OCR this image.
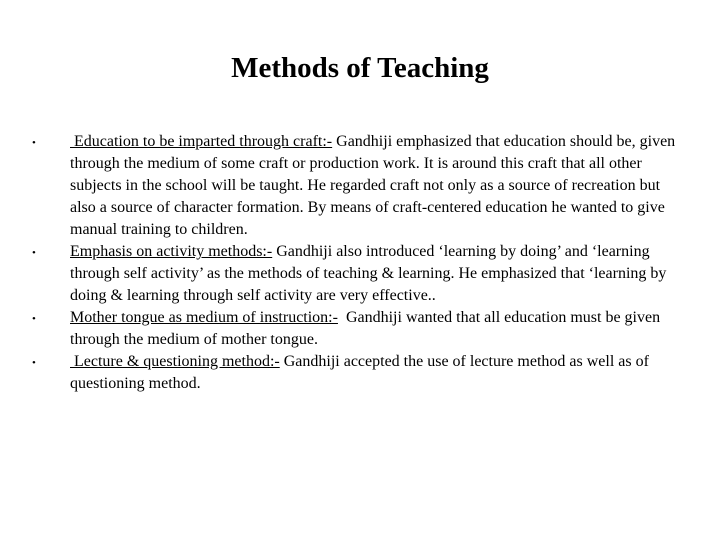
Methods of Teaching
• Education to be imparted through craft:- Gandhiji emphasized that education should be, given through the medium of some craft or production work. It is around this craft that all other subjects in the school will be taught. He regarded craft not only as a source of recreation but also a source of character formation. By means of craft-centered education he wanted to give manual training to children.
• Emphasis on activity methods:- Gandhiji also introduced ‘learning by doing’ and ‘learning through self activity’ as the methods of teaching & learning. He emphasized that ‘learning by doing & learning through self activity are very effective..
• Mother tongue as medium of instruction:-  Gandhiji wanted that all education must be given through the medium of mother tongue.
• Lecture & questioning method:- Gandhiji accepted the use of lecture method as well as of questioning method.
